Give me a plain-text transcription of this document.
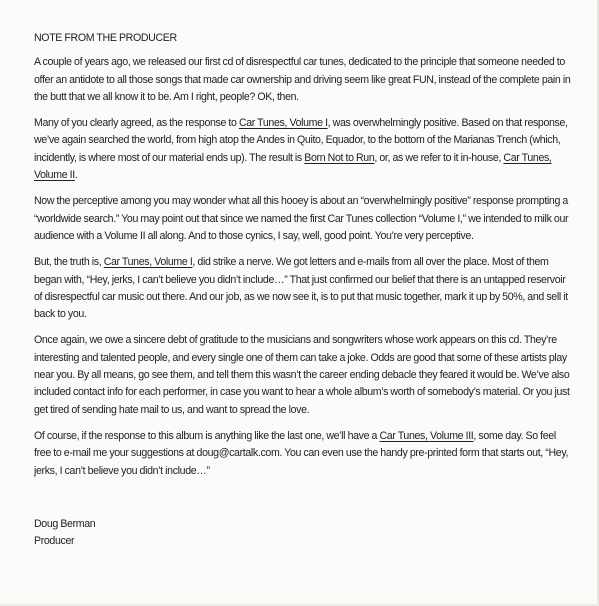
NOTE FROM THE PRODUCER

A couple of years ago, we released our first cd of disrespectful car tunes, dedicated to the principle that someone needed to offer an antidote to all those songs that made car ownership and driving seem like great FUN, instead of the complete pain in the butt that we all know it to be. Am I right, people? OK, then.

Many of you clearly agreed, as the response to Car Tunes, Volume I, was overwhelmingly positive. Based on that response, we’ve again searched the world, from high atop the Andes in Quito, Equador, to the bottom of the Marianas Trench (which, incidently, is where most of our material ends up). The result is Born Not to Run, or, as we refer to it in-house, Car Tunes, Volume II.

Now the perceptive among you may wonder what all this hooey is about an “overwhelmingly positive” response prompting a “worldwide search.” You may point out that since we named the first Car Tunes collection “Volume I,” we intended to milk our audience with a Volume II all along. And to those cynics, I say, well, good point. You’re very perceptive.

But, the truth is, Car Tunes, Volume I, did strike a nerve. We got letters and e-mails from all over the place. Most of them began with, “Hey, jerks, I can’t believe you didn’t include…” That just confirmed our belief that there is an untapped reservoir of disrespectful car music out there. And our job, as we now see it, is to put that music together, mark it up by 50%, and sell it back to you.

Once again, we owe a sincere debt of gratitude to the musicians and songwriters whose work appears on this cd. They’re interesting and talented people, and every single one of them can take a joke. Odds are good that some of these artists play near you. By all means, go see them, and tell them this wasn’t the career ending debacle they feared it would be. We’ve also included contact info for each performer, in case you want to hear a whole album’s worth of somebody’s material. Or you just get tired of sending hate mail to us, and want to spread the love.

Of course, if the response to this album is anything like the last one, we’ll have a Car Tunes, Volume III, some day. So feel free to e-mail me your suggestions at doug@cartalk.com. You can even use the handy pre-printed form that starts out, “Hey, jerks, I can’t believe you didn’t include…”

Doug Berman
Producer
